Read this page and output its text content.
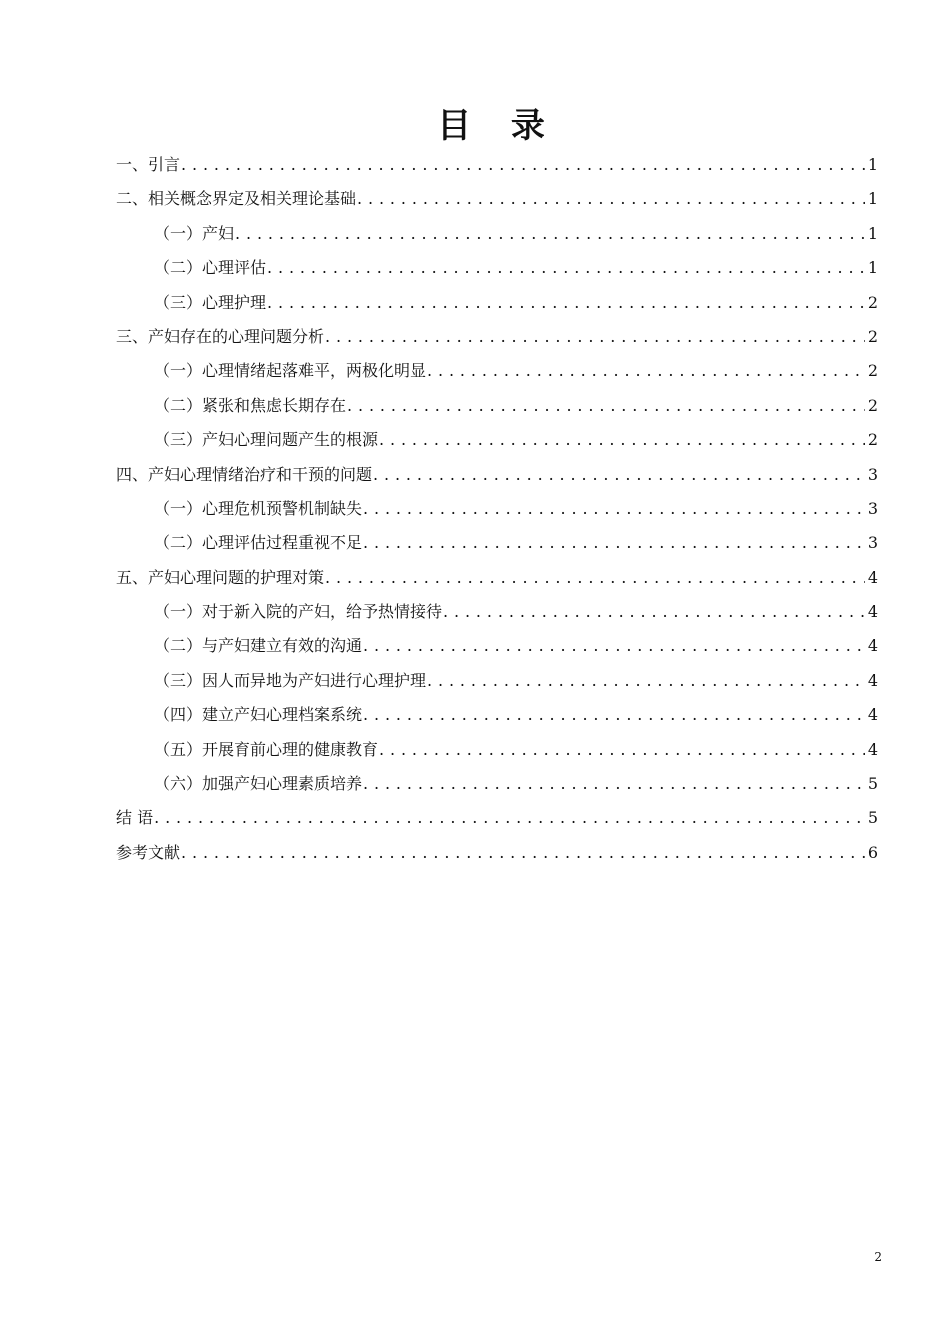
目 录
一、引言 . . .	1
二、相关概念界定及相关理论基础 . . .	1
（一）产妇 . . .	1
（二）心理评估 . . .	1
（三）心理护理 . . .	2
三、产妇存在的心理问题分析 . . .	2
（一）心理情绪起落难平，两极化明显 . . .	2
（二）紧张和焦虑长期存在 . . .	2
（三）产妇心理问题产生的根源 . . .	2
四、产妇心理情绪治疗和干预的问题 . . .	3
（一）心理危机预警机制缺失 . . .	3
（二）心理评估过程重视不足 . . .	3
五、产妇心理问题的护理对策 . . .	4
（一）对于新入院的产妇，给予热情接待 . . .	4
（二）与产妇建立有效的沟通 . . .	4
（三）因人而异地为产妇进行心理护理 . . .	4
（四）建立产妇心理档案系统 . . .	4
（五）开展育前心理的健康教育 . . .	4
（六）加强产妇心理素质培养 . . .	5
结 语 . . .	5
参考文献 . . .	6
2
